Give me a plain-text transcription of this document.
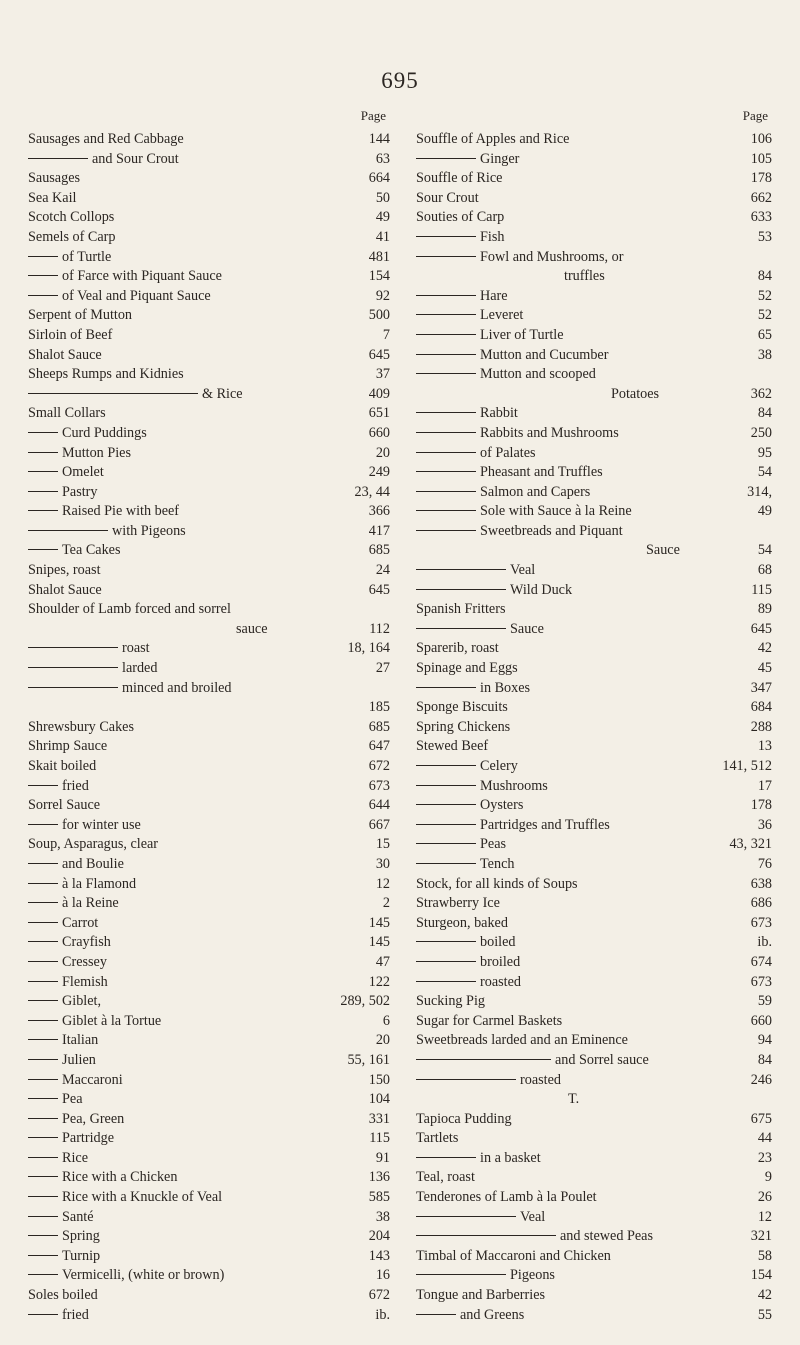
695
Page
Sausages and Red Cabbage	144
and Sour Crout	63
Sausages	664
Sea Kail	50
Scotch Collops	49
Semels of Carp	41
of Turtle	481
of Farce with Piquant Sauce	154
of Veal and Piquant Sauce	92
Serpent of Mutton	500
Sirloin of Beef	7
Shalot Sauce	645
Sheeps Rumps and Kidnies	37
& Rice	409
Small Collars	651
Curd Puddings	660
Mutton Pies	20
Omelet	249
Pastry	23, 44
Raised Pie with beef	366
with Pigeons	417
Tea Cakes	685
Snipes, roast	24
Shalot Sauce	645
Shoulder of Lamb forced and sorrel
sauce	112
roast	18, 164
larded	27
minced and broiled
185
Shrewsbury Cakes	685
Shrimp Sauce	647
Skait boiled	672
fried	673
Sorrel Sauce	644
for winter use	667
Soup, Asparagus, clear	15
and Boulie	30
à la Flamond	12
à la Reine	2
Carrot	145
Crayfish	145
Cressey	47
Flemish	122
Giblet,	289, 502
Giblet à la Tortue	6
Italian	20
Julien	55, 161
Maccaroni	150
Pea	104
Pea, Green	331
Partridge	115
Rice	91
Rice with a Chicken	136
Rice with a Knuckle of Veal	585
Santé	38
Spring	204
Turnip	143
Vermicelli, (white or brown)	16
Soles boiled	672
fried	ib.
Page
Souffle of Apples and Rice	106
Ginger	105
Souffle of Rice	178
Sour Crout	662
Souties of Carp	633
Fish	53
Fowl and Mushrooms, or
truffles	84
Hare	52
Leveret	52
Liver of Turtle	65
Mutton and Cucumber	38
Mutton and scooped
Potatoes	362
Rabbit	84
Rabbits and Mushrooms	250
of Palates	95
Pheasant and Truffles	54
Salmon and Capers	314,
Sole with Sauce à la Reine	49
Sweetbreads and Piquant
Sauce	54
Veal	68
Wild Duck	115
Spanish Fritters	89
Sauce	645
Sparerib, roast	42
Spinage and Eggs	45
in Boxes	347
Sponge Biscuits	684
Spring Chickens	288
Stewed Beef	13
Celery	141, 512
Mushrooms	17
Oysters	178
Partridges and Truffles	36
Peas	43, 321
Tench	76
Stock, for all kinds of Soups	638
Strawberry Ice	686
Sturgeon, baked	673
boiled	ib.
broiled	674
roasted	673
Sucking Pig	59
Sugar for Carmel Baskets	660
Sweetbreads larded and an Eminence	94
and Sorrel sauce	84
roasted	246
T.
Tapioca Pudding	675
Tartlets	44
in a basket	23
Teal, roast	9
Tenderones of Lamb à la Poulet	26
Veal	12
and stewed Peas	321
Timbal of Maccaroni and Chicken	58
Pigeons	154
Tongue and Barberries	42
and Greens	55
